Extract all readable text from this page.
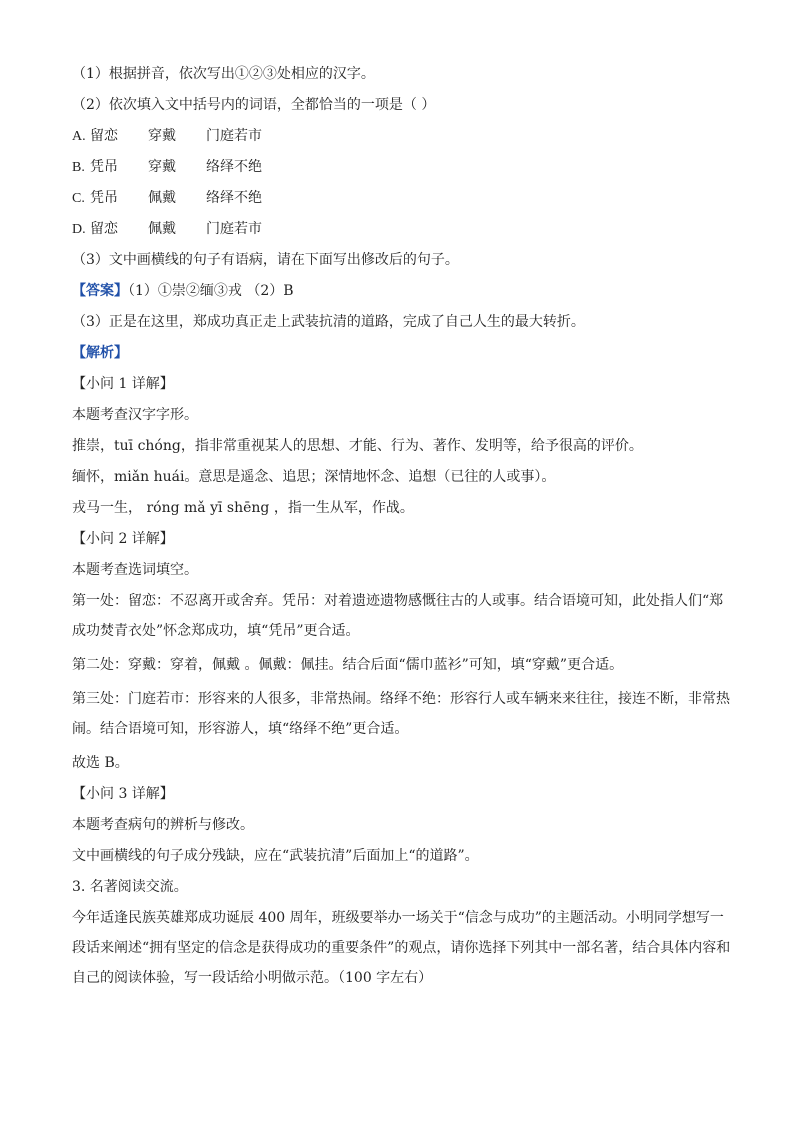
（1）根据拼音，依次写出①②③处相应的汉字。
（2）依次填入文中括号内的词语，全都恰当的一项是（ ）
A. 留恋 穿戴 门庭若市
B. 凭吊 穿戴 络绎不绝
C. 凭吊 佩戴 络绎不绝
D. 留恋 佩戴 门庭若市
（3）文中画横线的句子有语病，请在下面写出修改后的句子。
【答案】（1）①崇②缅③戎 （2）B
（3）正是在这里，郑成功真正走上武装抗清的道路，完成了自己人生的最大转折。
【解析】
【小问 1 详解】
本题考查汉字字形。
推崇，tuī chóng，指非常重视某人的思想、才能、行为、著作、发明等，给予很高的评价。
缅怀，miǎn huái。意思是遥念、追思；深情地怀念、追想（已往的人或事）。
戎马一生， róng mǎ yī shēng ，指一生从军，作战。
【小问 2 详解】
本题考查选词填空。
第一处：留恋：不忍离开或舍弃。凭吊：对着遗迹遗物感慨往古的人或事。结合语境可知，此处指人们“郑成功焚青衣处”怀念郑成功，填“凭吊”更合适。
第二处：穿戴：穿着，佩戴 。佩戴：佩挂。结合后面“儒巾蓝衫”可知，填“穿戴”更合适。
第三处：门庭若市：形容来的人很多，非常热闹。络绎不绝：形容行人或车辆来来往往，接连不断，非常热闹。结合语境可知，形容游人，填“络绎不绝”更合适。
故选 B。
【小问 3 详解】
本题考查病句的辨析与修改。
文中画横线的句子成分残缺，应在“武装抗清”后面加上“的道路”。
3. 名著阅读交流。
今年适逢民族英雄郑成功诞辰 400 周年，班级要举办一场关于“信念与成功”的主题活动。小明同学想写一段话来阐述“拥有坚定的信念是获得成功的重要条件”的观点，请你选择下列其中一部名著，结合具体内容和自己的阅读体验，写一段话给小明做示范。（100 字左右）
